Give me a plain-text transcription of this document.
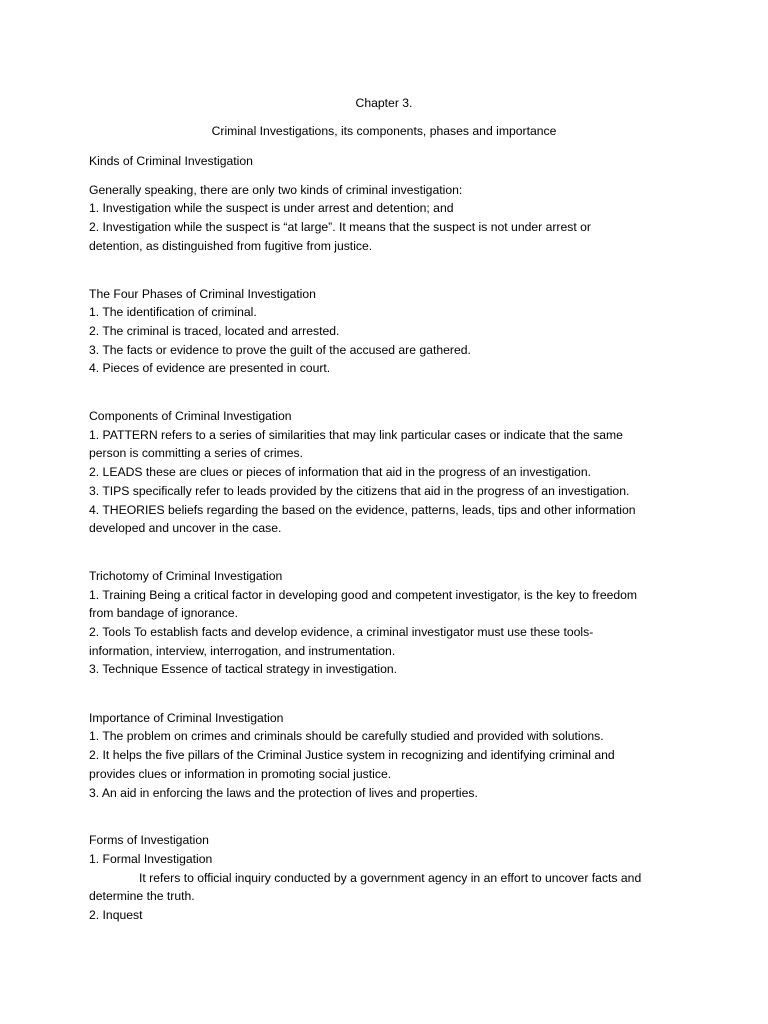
Chapter 3.
Criminal Investigations, its components, phases and importance
Kinds of Criminal Investigation
Generally speaking, there are only two kinds of criminal investigation:
1. Investigation while the suspect is under arrest and detention; and
2. Investigation while the suspect is “at large”. It means that the suspect is not under arrest or
detention, as distinguished from fugitive from justice.
The Four Phases of Criminal Investigation
1. The identification of criminal.
2. The criminal is traced, located and arrested.
3. The facts or evidence to prove the guilt of the accused are gathered.
4. Pieces of evidence are presented in court.
Components of Criminal Investigation
1. PATTERN refers to a series of similarities that may link particular cases or indicate that the same
person is committing a series of crimes.
2. LEADS these are clues or pieces of information that aid in the progress of an investigation.
3. TIPS specifically refer to leads provided by the citizens that aid in the progress of an investigation.
4. THEORIES beliefs regarding the based on the evidence, patterns, leads, tips and other information
developed and uncover in the case.
Trichotomy of Criminal Investigation
1. Training Being a critical factor in developing good and competent investigator, is the key to freedom
from bandage of ignorance.
2. Tools To establish facts and develop evidence, a criminal investigator must use these tools-
information, interview, interrogation, and instrumentation.
3. Technique Essence of tactical strategy in investigation.
Importance of Criminal Investigation
1. The problem on crimes and criminals should be carefully studied and provided with solutions.
2. It helps the five pillars of the Criminal Justice system in recognizing and identifying criminal and
provides clues or information in promoting social justice.
3. An aid in enforcing the laws and the protection of lives and properties.
Forms of Investigation
1. Formal Investigation
It refers to official inquiry conducted by a government agency in an effort to uncover facts and
determine the truth.
2. Inquest
